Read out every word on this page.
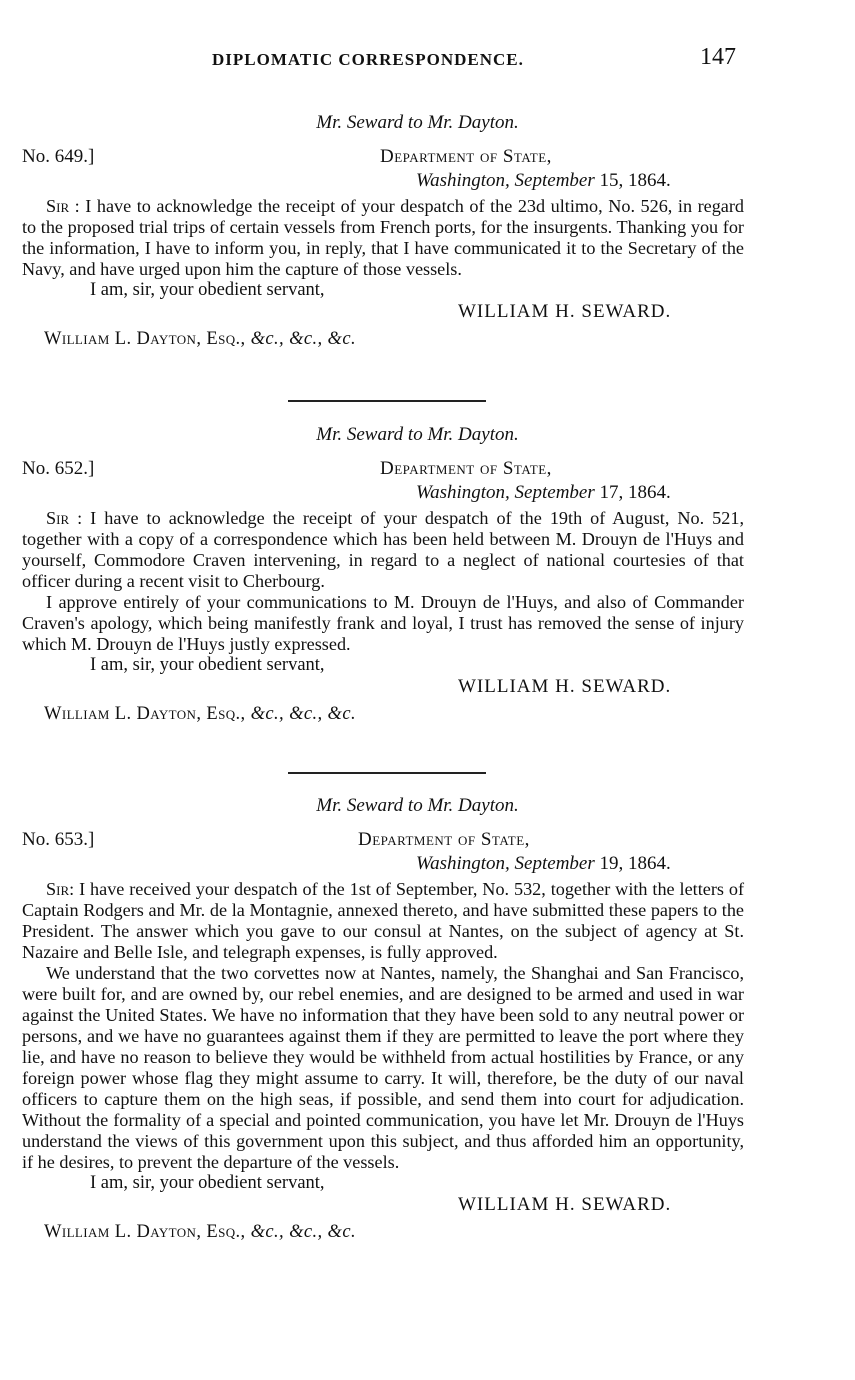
DIPLOMATIC CORRESPONDENCE.	147
Mr. Seward to Mr. Dayton.
No. 649.]	Department of State,
Washington, September 15, 1864.

Sir : I have to acknowledge the receipt of your despatch of the 23d ultimo, No. 526, in regard to the proposed trial trips of certain vessels from French ports, for the insurgents. Thanking you for the information, I have to inform you, in reply, that I have communicated it to the Secretary of the Navy, and have urged upon him the capture of those vessels.

I am, sir, your obedient servant,
WILLIAM H. SEWARD.
William L. Dayton, Esq., &c., &c., &c.
Mr. Seward to Mr. Dayton.
No. 652.]	Department of State,
Washington, September 17, 1864.

Sir : I have to acknowledge the receipt of your despatch of the 19th of August, No. 521, together with a copy of a correspondence which has been held between M. Drouyn de l'Huys and yourself, Commodore Craven intervening, in regard to a neglect of national courtesies of that officer during a recent visit to Cherbourg.

I approve entirely of your communications to M. Drouyn de l'Huys, and also of Commander Craven's apology, which being manifestly frank and loyal, I trust has removed the sense of injury which M. Drouyn de l'Huys justly expressed.

I am, sir, your obedient servant,
WILLIAM H. SEWARD.
William L. Dayton, Esq., &c., &c., &c.
Mr. Seward to Mr. Dayton.
No. 653.]	Department of State,
Washington, September 19, 1864.

Sir: I have received your despatch of the 1st of September, No. 532, together with the letters of Captain Rodgers and Mr. de la Montagnie, annexed thereto, and have submitted these papers to the President. The answer which you gave to our consul at Nantes, on the subject of agency at St. Nazaire and Belle Isle, and telegraph expenses, is fully approved.

We understand that the two corvettes now at Nantes, namely, the Shanghai and San Francisco, were built for, and are owned by, our rebel enemies, and are designed to be armed and used in war against the United States. We have no information that they have been sold to any neutral power or persons, and we have no guarantees against them if they are permitted to leave the port where they lie, and have no reason to believe they would be withheld from actual hostilities by France, or any foreign power whose flag they might assume to carry. It will, therefore, be the duty of our naval officers to capture them on the high seas, if possible, and send them into court for adjudication. Without the formality of a special and pointed communication, you have let Mr. Drouyn de l'Huys understand the views of this government upon this subject, and thus afforded him an opportunity, if he desires, to prevent the departure of the vessels.

I am, sir, your obedient servant,
WILLIAM H. SEWARD.
William L. Dayton, Esq., &c., &c., &c.
